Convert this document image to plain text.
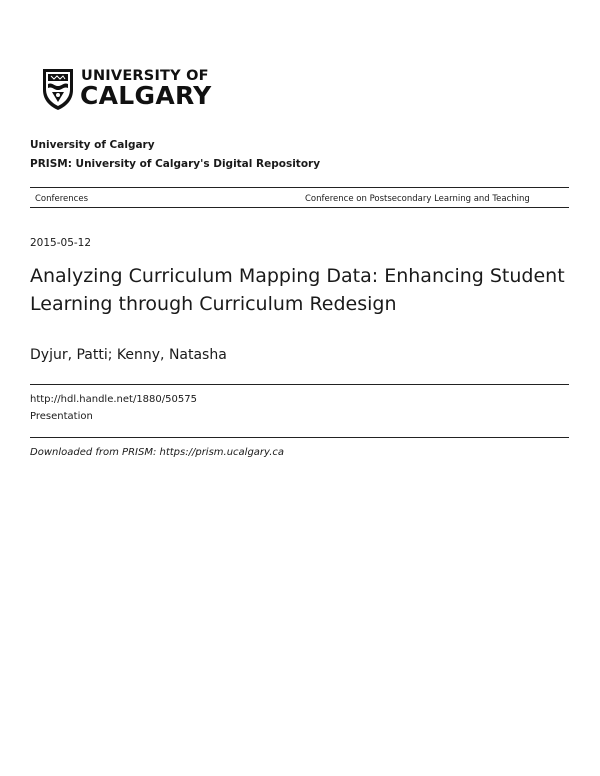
UNIVERSITY OF
CALGARY
University of Calgary
PRISM: University of Calgary's Digital Repository
Conferences	Conference on Postsecondary Learning and Teaching
2015-05-12
Analyzing Curriculum Mapping Data: Enhancing Student Learning through Curriculum Redesign
Dyjur, Patti; Kenny, Natasha
http://hdl.handle.net/1880/50575
Presentation
Downloaded from PRISM: https://prism.ucalgary.ca
